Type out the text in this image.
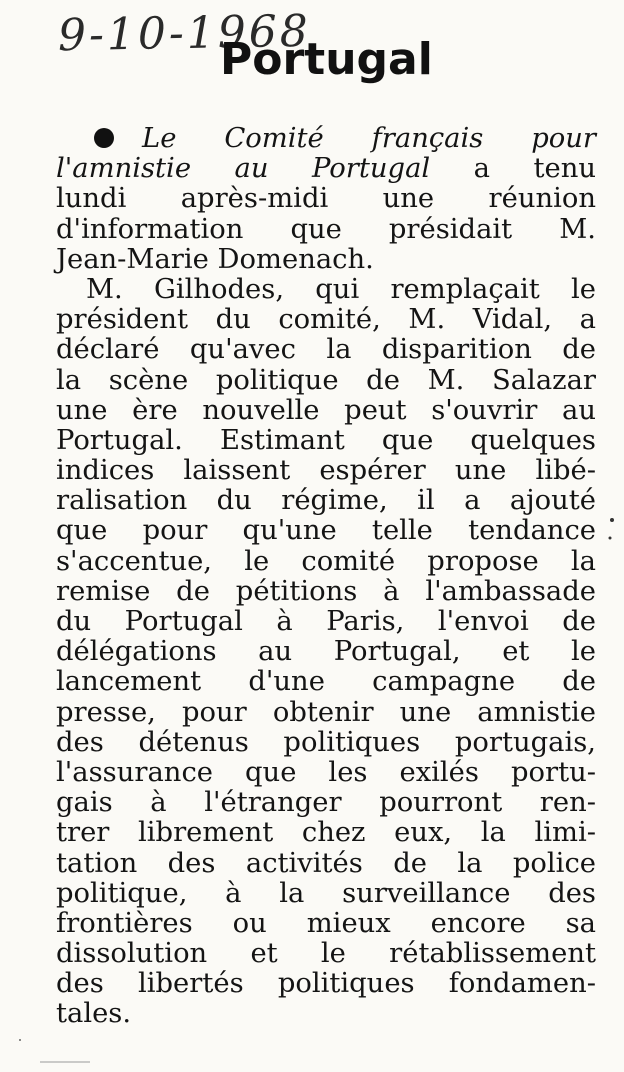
9-10-1968
Portugal
Le Comité français pour
l'amnistie au Portugal a tenu
lundi après-midi une réunion
d'information que présidait M.
Jean-Marie Domenach.
M. Gilhodes, qui remplaçait le
président du comité, M. Vidal, a
déclaré qu'avec la disparition de
la scène politique de M. Salazar
une ère nouvelle peut s'ouvrir au
Portugal. Estimant que quelques
indices laissent espérer une libé-
ralisation du régime, il a ajouté
que pour qu'une telle tendance
s'accentue, le comité propose la
remise de pétitions à l'ambassade
du Portugal à Paris, l'envoi de
délégations au Portugal, et le
lancement d'une campagne de
presse, pour obtenir une amnistie
des détenus politiques portugais,
l'assurance que les exilés portu-
gais à l'étranger pourront ren-
trer librement chez eux, la limi-
tation des activités de la police
politique, à la surveillance des
frontières ou mieux encore sa
dissolution et le rétablissement
des libertés politiques fondamen-
tales.
